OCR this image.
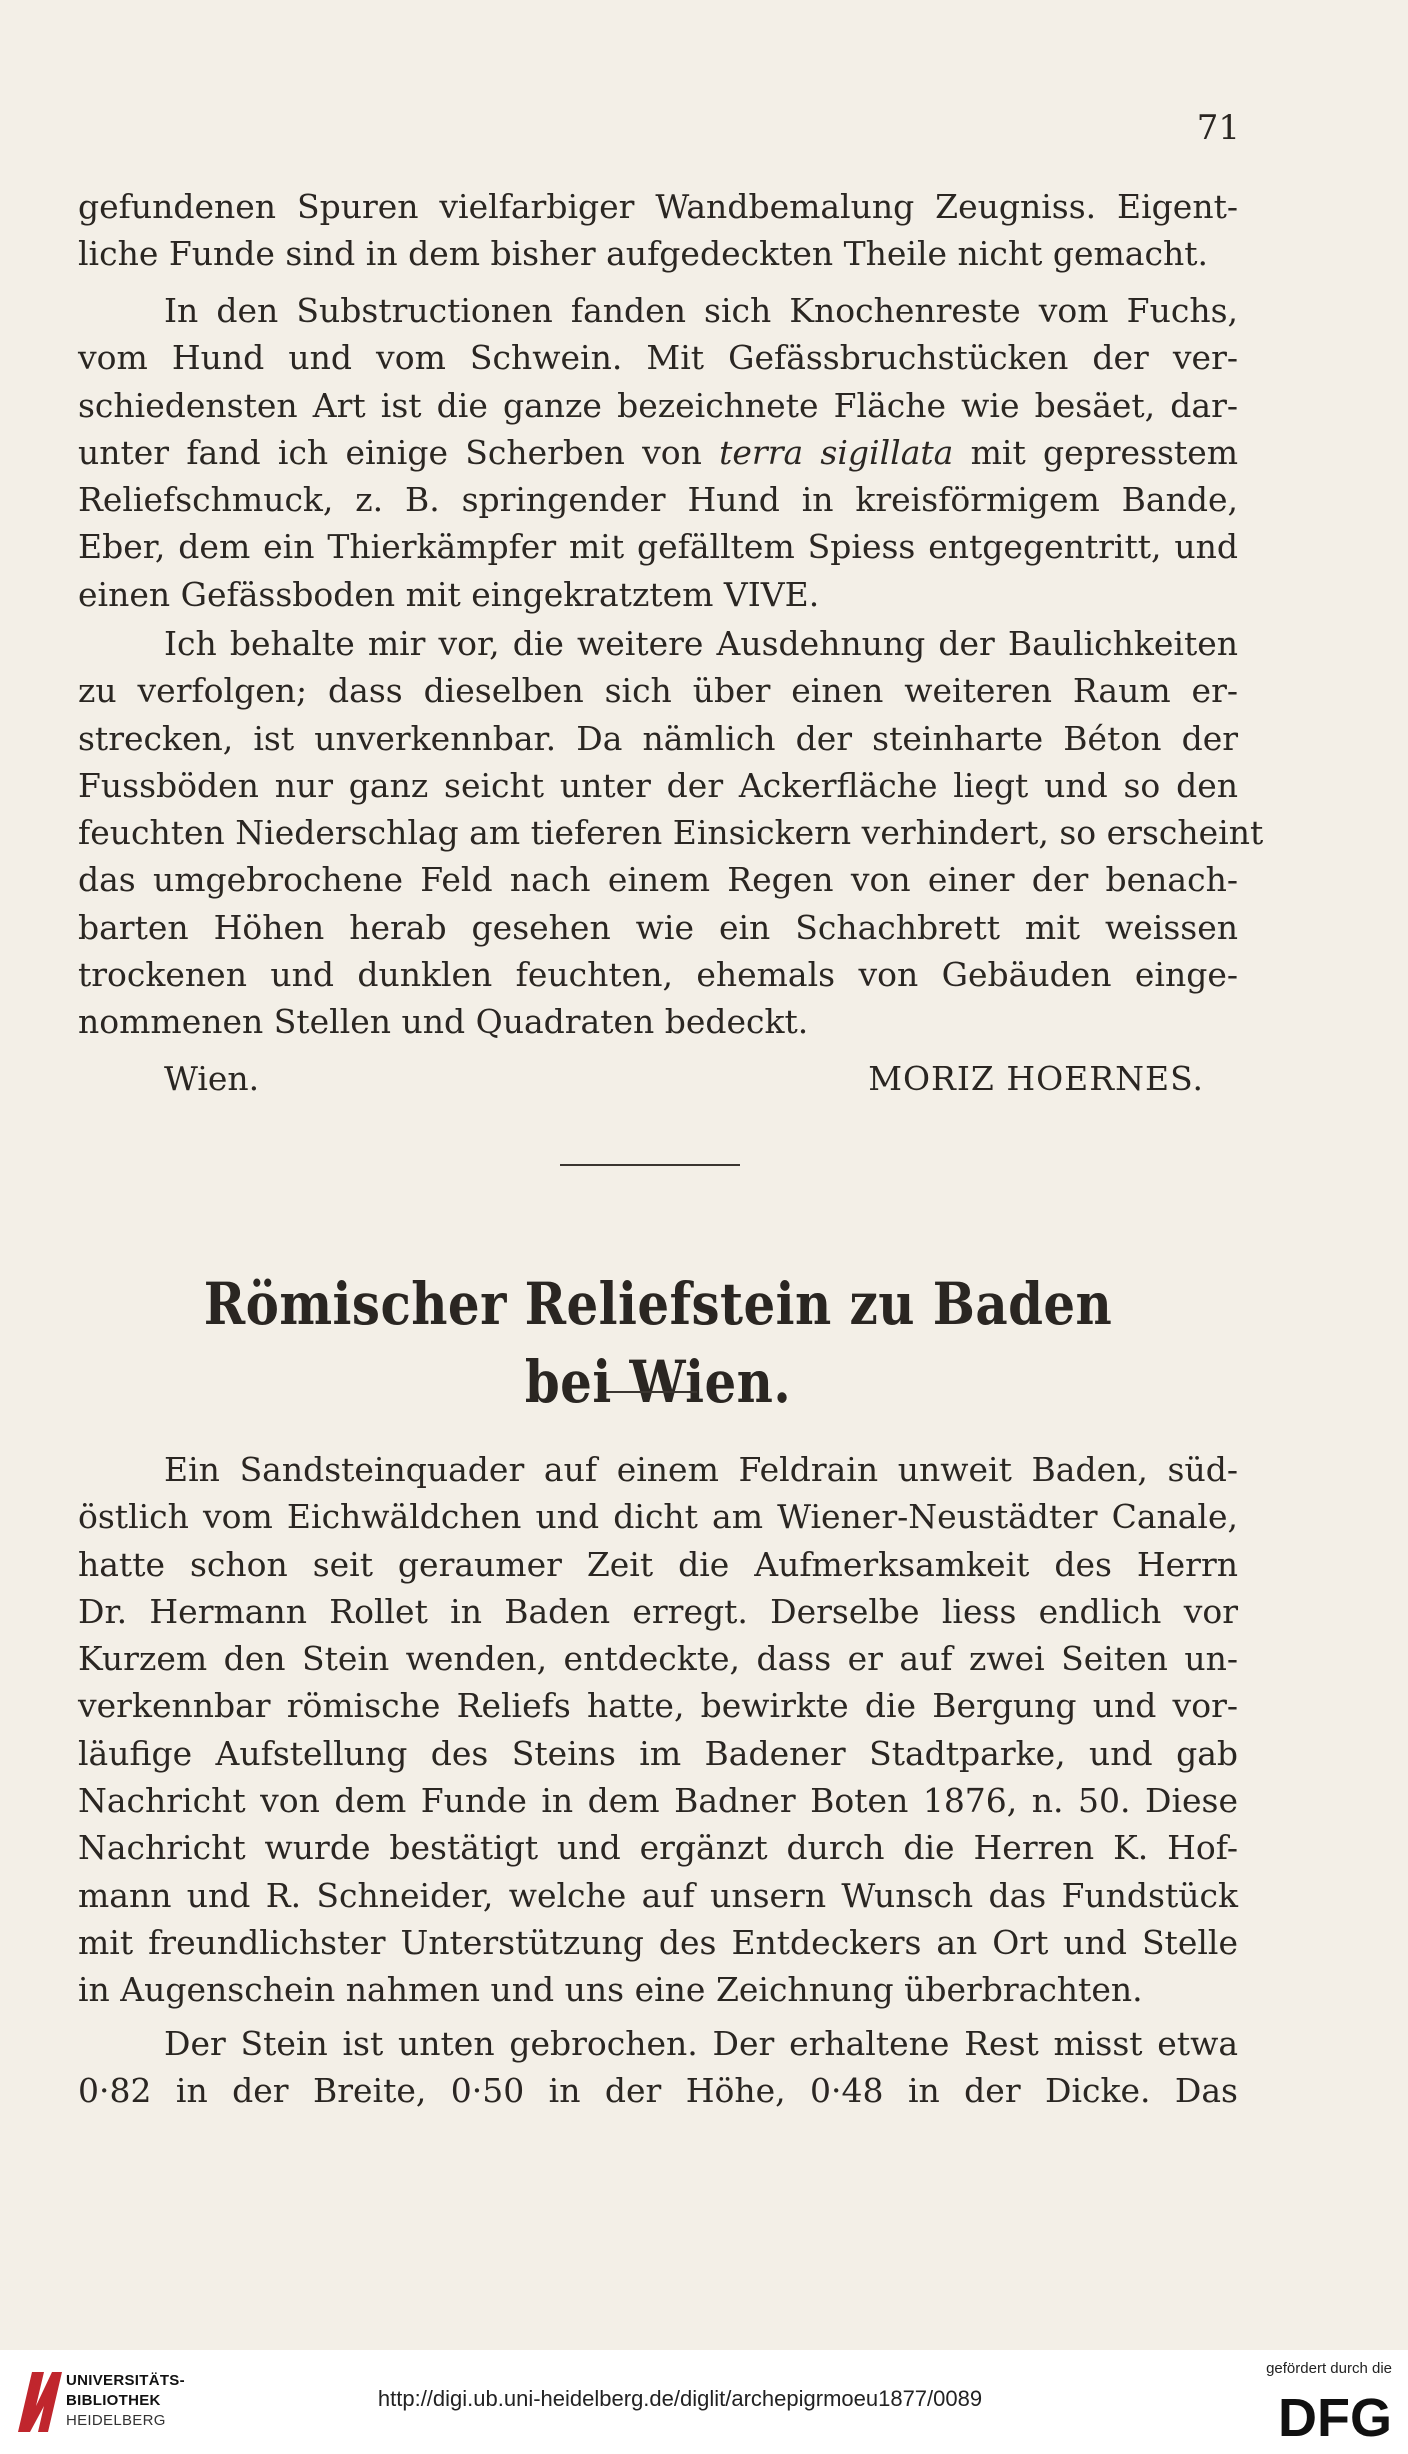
71
gefundenen Spuren vielfarbiger Wandbemalung Zeugniss. Eigent-
liche Funde sind in dem bisher aufgedeckten Theile nicht gemacht.
In den Substructionen fanden sich Knochenreste vom Fuchs,
vom Hund und vom Schwein. Mit Gefässbruchstücken der ver-
schiedensten Art ist die ganze bezeichnete Fläche wie besäet, dar-
unter fand ich einige Scherben von terra sigillata mit gepresstem
Reliefschmuck, z. B. springender Hund in kreisförmigem Bande,
Eber, dem ein Thierkämpfer mit gefälltem Spiess entgegentritt, und
einen Gefässboden mit eingekratztem VIVE.
Ich behalte mir vor, die weitere Ausdehnung der Baulichkeiten
zu verfolgen; dass dieselben sich über einen weiteren Raum er-
strecken, ist unverkennbar. Da nämlich der steinharte Béton der
Fussböden nur ganz seicht unter der Ackerfläche liegt und so den
feuchten Niederschlag am tieferen Einsickern verhindert, so erscheint
das umgebrochene Feld nach einem Regen von einer der benach-
barten Höhen herab gesehen wie ein Schachbrett mit weissen
trockenen und dunklen feuchten, ehemals von Gebäuden einge-
nommenen Stellen und Quadraten bedeckt.
Wien.	MORIZ HOERNES.
Römischer Reliefstein zu Baden bei Wien.
Ein Sandsteinquader auf einem Feldrain unweit Baden, süd-
östlich vom Eichwäldchen und dicht am Wiener-Neustädter Canale,
hatte schon seit geraumer Zeit die Aufmerksamkeit des Herrn
Dr. Hermann Rollet in Baden erregt. Derselbe liess endlich vor
Kurzem den Stein wenden, entdeckte, dass er auf zwei Seiten un-
verkennbar römische Reliefs hatte, bewirkte die Bergung und vor-
läufige Aufstellung des Steins im Badener Stadtparke, und gab
Nachricht von dem Funde in dem Badner Boten 1876, n. 50. Diese
Nachricht wurde bestätigt und ergänzt durch die Herren K. Hof-
mann und R. Schneider, welche auf unsern Wunsch das Fundstück
mit freundlichster Unterstützung des Entdeckers an Ort und Stelle
in Augenschein nahmen und uns eine Zeichnung überbrachten.
Der Stein ist unten gebrochen. Der erhaltene Rest misst etwa
0·82 in der Breite, 0·50 in der Höhe, 0·48 in der Dicke. Das
UNIVERSITÄTS-
BIBLIOTHEK
HEIDELBERG
http://digi.ub.uni-heidelberg.de/diglit/archepigrmoeu1877/0089
gefördert durch die
DFG
